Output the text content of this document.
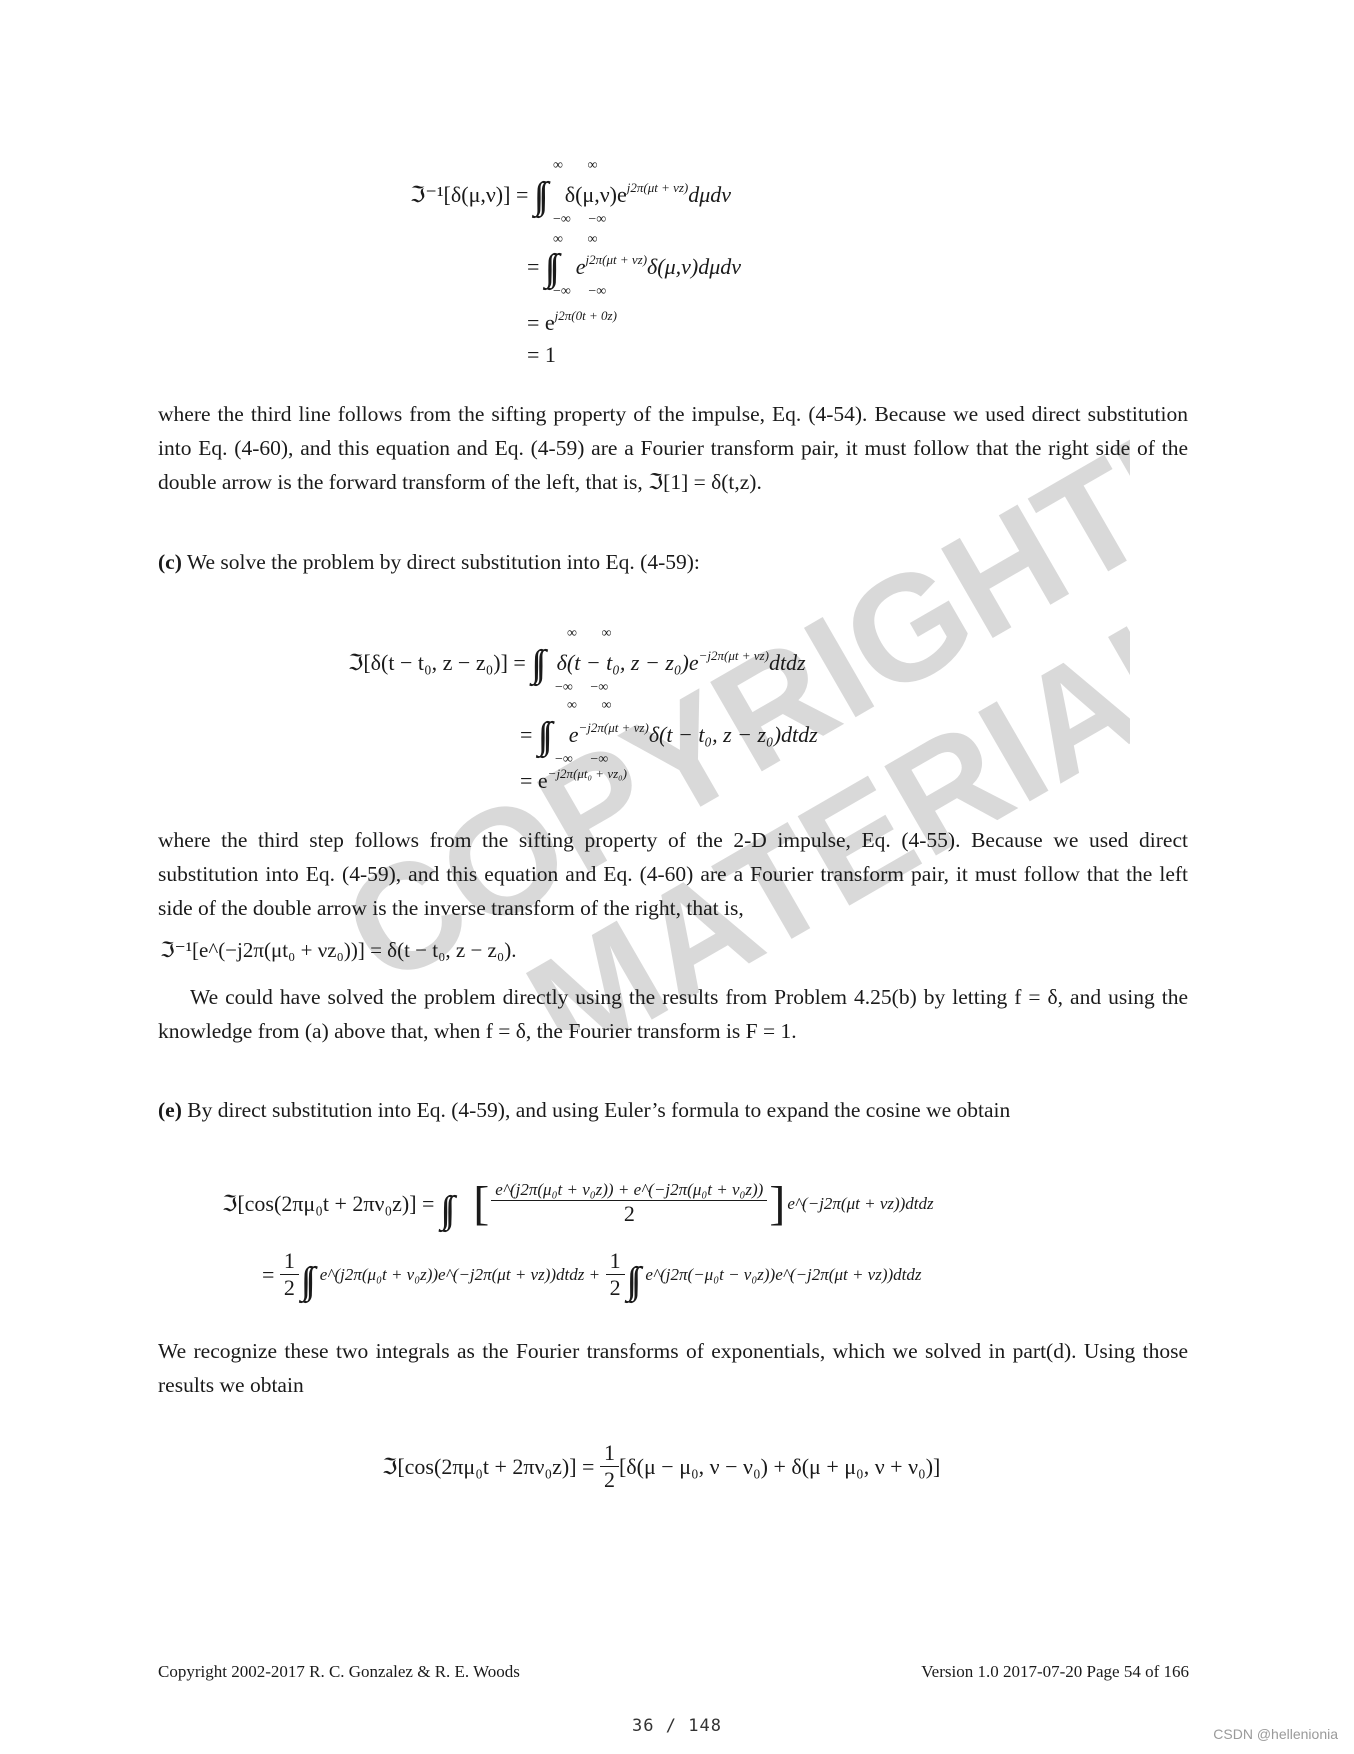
COPYRIGHTED
MATERIAL
ℑ⁻¹[δ(μ,ν)] = ∫∫ $\delta(\mu,\nu)e^{j2\pi(\mu t + \nu z)}d\mu d\nu$
∞ ∞
−∞ −∞
= ∫∫ $e^{j2\pi(\mu t + \nu z)}\delta(\mu,\nu)d\mu d\nu$
∞ ∞
−∞ −∞
= $e^{j2\pi(0t + 0z)}$
= 1

where the third line follows from the sifting property of the impulse, Eq. (4-54). Because we used direct substitution into Eq. (4-60), and this equation and Eq. (4-59) are a Fourier transform pair, it must follow that the right side of the double arrow is the forward transform of the left, that is, ℑ[1] = δ(t,z).

(c) We solve the problem by direct substitution into Eq. (4-59):

ℑ[δ(t − t₀, z − z₀)] = ∫∫ δ(t − t₀, $z - z_0)e^{-j2\pi(\mu t + \nu z)}dtdz$
∞ ∞
−∞ −∞
= ∫∫ $e^{-j2\pi(\mu t + \nu z)}\delta(t - t_0$, z − z₀)dtdz
∞ ∞
−∞ −∞
= $e^{-j2\pi(\mu t_0 + \nu z_0)}$

where the third step follows from the sifting property of the 2-D impulse, Eq. (4-55). Because we used direct substitution into Eq. (4-59), and this equation and Eq. (4-60) are a Fourier transform pair, it must follow that the left side of the double arrow is the inverse transform of the right, that is,

ℑ⁻¹[e^(−j2π(μt₀ + νz₀))] = δ(t − t₀, z − z₀).

We could have solved the problem directly using the results from Problem 4.25(b) by letting f = δ, and using the knowledge from (a) above that, when f = δ, the Fourier transform is F = 1.

(e) By direct substitution into Eq. (4-59), and using Euler’s formula to expand the cosine we obtain

ℑ[cos(2πμ₀t + 2πν₀z)] = ∫∫ [ $\frac{\text{e\textasciicircum{}(j2π(μ₀t + ν₀z)) + e\textasciicircum{}(−j2π(μ₀t + ν₀z))}}{2}$ ] e^(−j2π(μt + νz))dtdz
= $\frac{1}{2}$ ∫∫ e^(j2π(μ₀t + ν₀z))e^(−j2π(μt + νz))dtdz +
$\frac{1}{2}$ ∫∫ e^(j2π(−μ₀t − ν₀z))e^(−j2π(μt + νz))dtdz

We recognize these two integrals as the Fourier transforms of exponentials, which we solved in part(d). Using those results we obtain

ℑ[cos(2πμ₀t + 2πν₀z)] =
$\frac{1}{2} [\delta(\mu - \mu_0$, ν − ν₀) + δ(μ + μ₀, ν + ν₀)]
Copyright 2002-2017 R. C. Gonzalez & R. E. Woods	Version 1.0 2017-07-20 Page 54 of 166
36 / 148	CSDN @hellenionia
